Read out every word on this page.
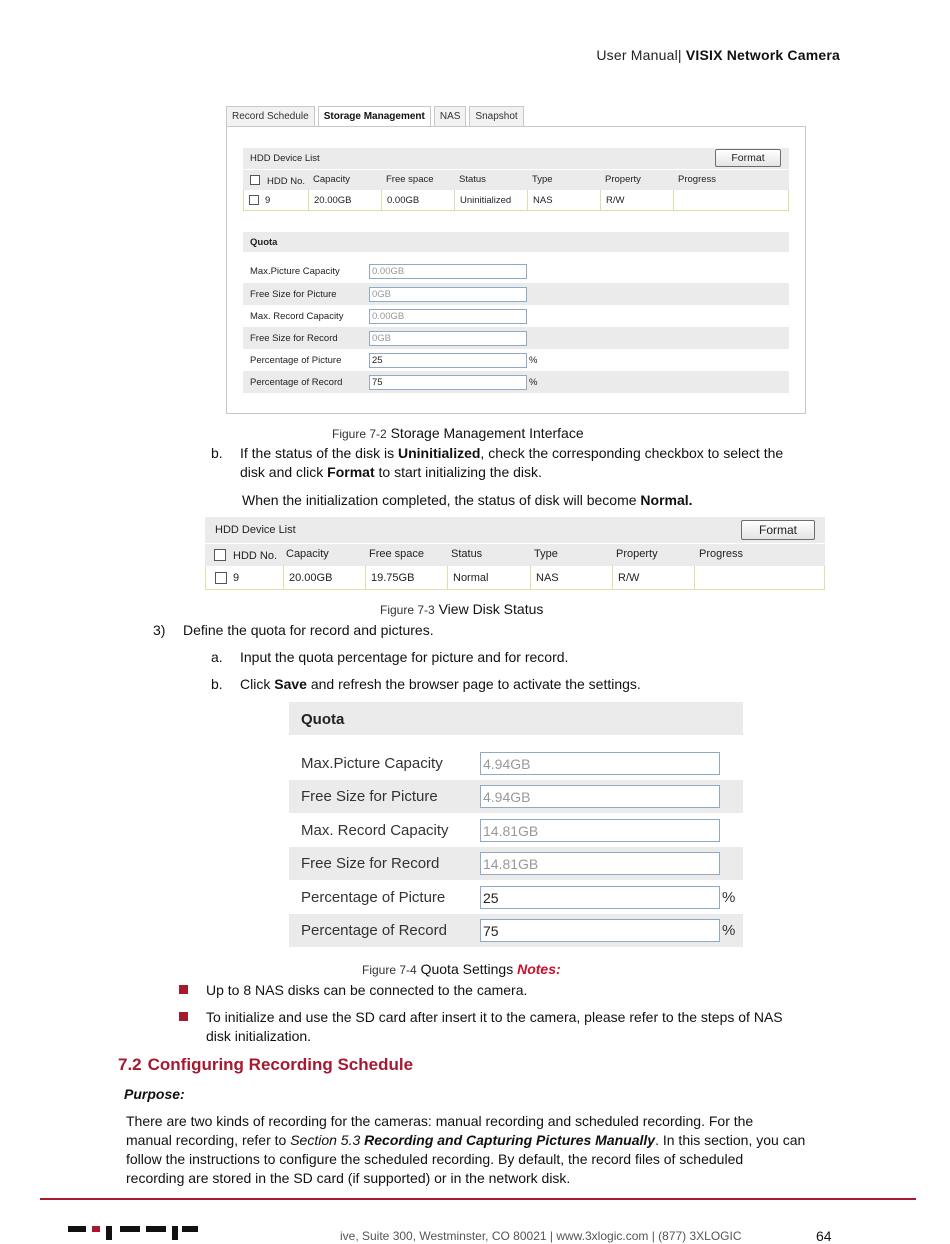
User Manual| VISIX Network Camera
Record Schedule	Storage Management	NAS	Snapshot
HDD Device List	Format
HDD No. Capacity	Free space	Status	Type	Property	Progress
9	20.00GB	0.00GB	Uninitialized	NAS	R/W
Quota
Max.Picture Capacity	0.00GB
Free Size for Picture	0GB
Max. Record Capacity	0.00GB
Free Size for Record	0GB
Percentage of Picture	25	%
Percentage of Record	75	%
Figure 7-2 Storage Management Interface
b. If the status of the disk is Uninitialized, check the corresponding checkbox to select the
disk and click Format to start initializing the disk.
When the initialization completed, the status of disk will become Normal.
HDD Device List	Format
HDD No. Capacity	Free space Status	Type	Property	Progress
9	20.00GB	19.75GB	Normal	NAS	R/W
Figure 7-3 View Disk Status
3) Define the quota for record and pictures.
a. Input the quota percentage for picture and for record.
b. Click Save and refresh the browser page to activate the settings.
Quota
Max.Picture Capacity	4.94GB
Free Size for Picture	4.94GB
Max. Record Capacity 14.81GB
Free Size for Record	14.81GB
Percentage of Picture	25	%
Percentage of Record	75	%
Figure 7-4 Quota Settings Notes:
Up to 8 NAS disks can be connected to the camera.
To initialize and use the SD card after insert it to the camera, please refer to the steps of NAS
disk initialization.
7.2 Configuring Recording Schedule
Purpose:
There are two kinds of recording for the cameras: manual recording and scheduled recording. For the
manual recording, refer to Section 5.3 Recording and Capturing Pictures Manually. In this section, you can
follow the instructions to configure the scheduled recording. By default, the record files of scheduled
recording are stored in the SD card (if supported) or in the network disk.
ive, Suite 300, Westminster, CO 80021 | www.3xlogic.com | (877) 3XLOGIC	64
